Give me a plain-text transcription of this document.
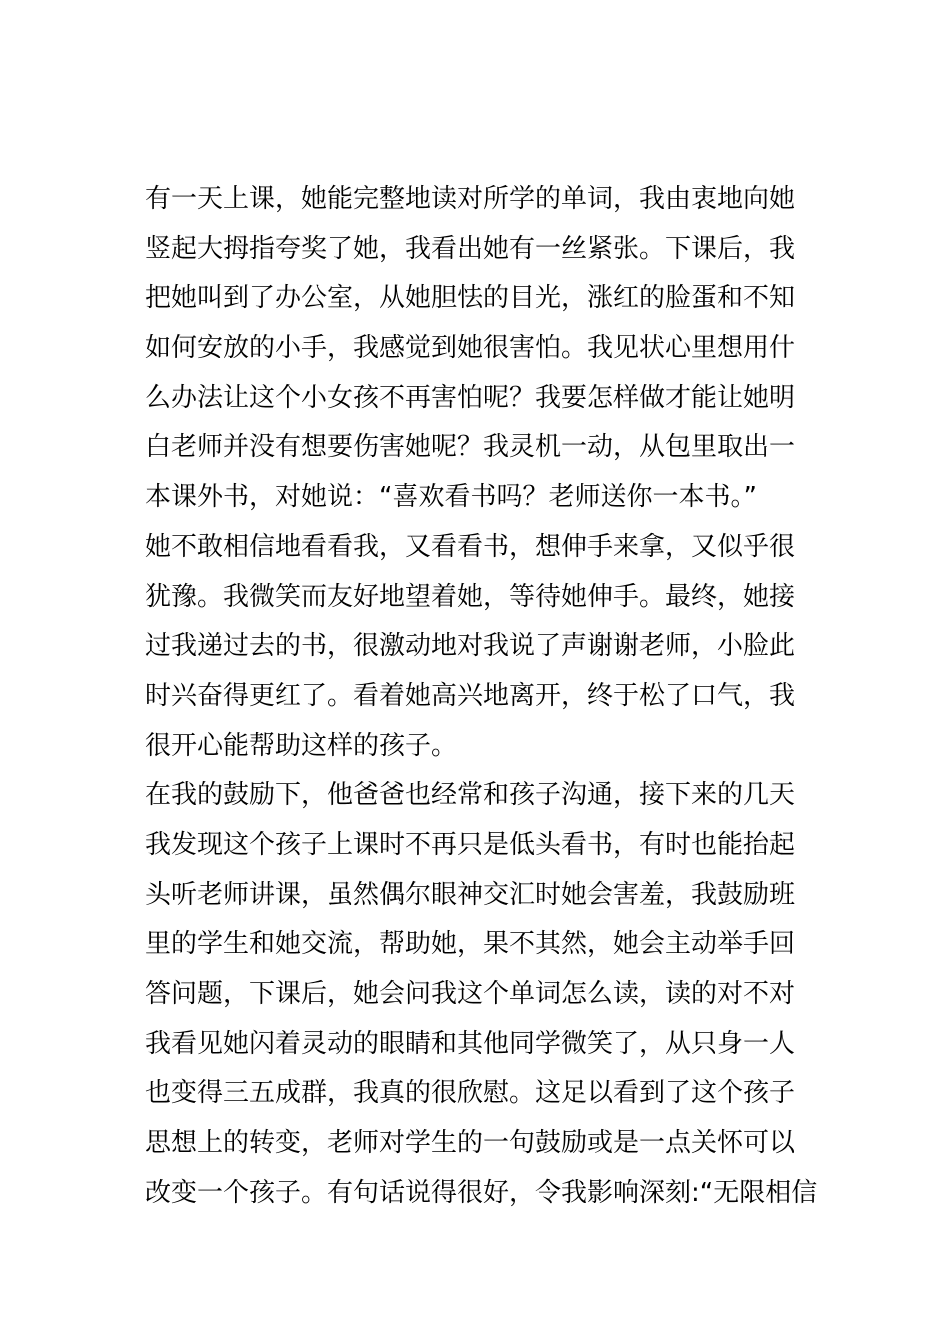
有一天上课，她能完整地读对所学的单词，我由衷地向她
竖起大拇指夸奖了她，我看出她有一丝紧张。下课后，我
把她叫到了办公室，从她胆怯的目光，涨红的脸蛋和不知
如何安放的小手，我感觉到她很害怕。我见状心里想用什
么办法让这个小女孩不再害怕呢？我要怎样做才能让她明
白老师并没有想要伤害她呢？我灵机一动，从包里取出一
本课外书，对她说：“喜欢看书吗？老师送你一本书。”
她不敢相信地看看我，又看看书，想伸手来拿，又似乎很
犹豫。我微笑而友好地望着她，等待她伸手。最终，她接
过我递过去的书，很激动地对我说了声谢谢老师，小脸此
时兴奋得更红了。看着她高兴地离开，终于松了口气，我
很开心能帮助这样的孩子。
在我的鼓励下，他爸爸也经常和孩子沟通，接下来的几天
我发现这个孩子上课时不再只是低头看书，有时也能抬起
头听老师讲课，虽然偶尔眼神交汇时她会害羞，我鼓励班
里的学生和她交流，帮助她，果不其然，她会主动举手回
答问题，下课后，她会问我这个单词怎么读，读的对不对
我看见她闪着灵动的眼睛和其他同学微笑了，从只身一人
也变得三五成群，我真的很欣慰。这足以看到了这个孩子
思想上的转变，老师对学生的一句鼓励或是一点关怀可以
改变一个孩子。有句话说得很好，令我影响深刻:“无限相信
